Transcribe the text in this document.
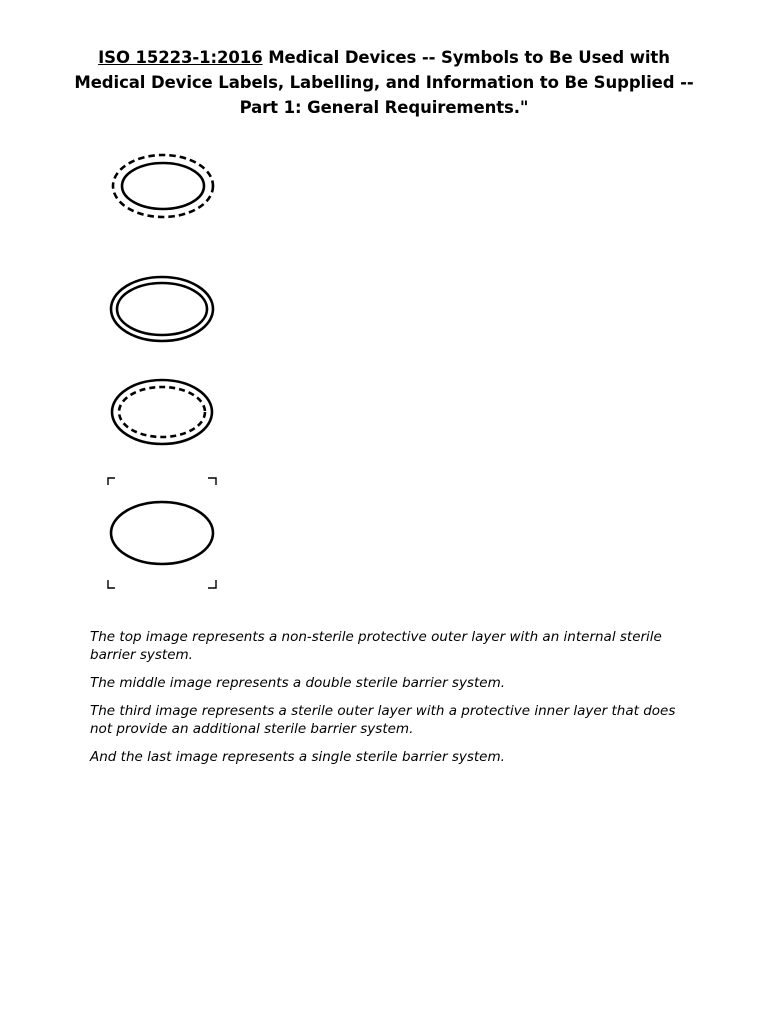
ISO 15223-1:2016 Medical Devices -- Symbols to Be Used with Medical Device Labels, Labelling, and Information to Be Supplied -- Part 1: General Requirements."

The top image represents a non-sterile protective outer layer with an internal sterile barrier system.

The middle image represents a double sterile barrier system.

The third image represents a sterile outer layer with a protective inner layer that does not provide an additional sterile barrier system.

And the last image represents a single sterile barrier system.
